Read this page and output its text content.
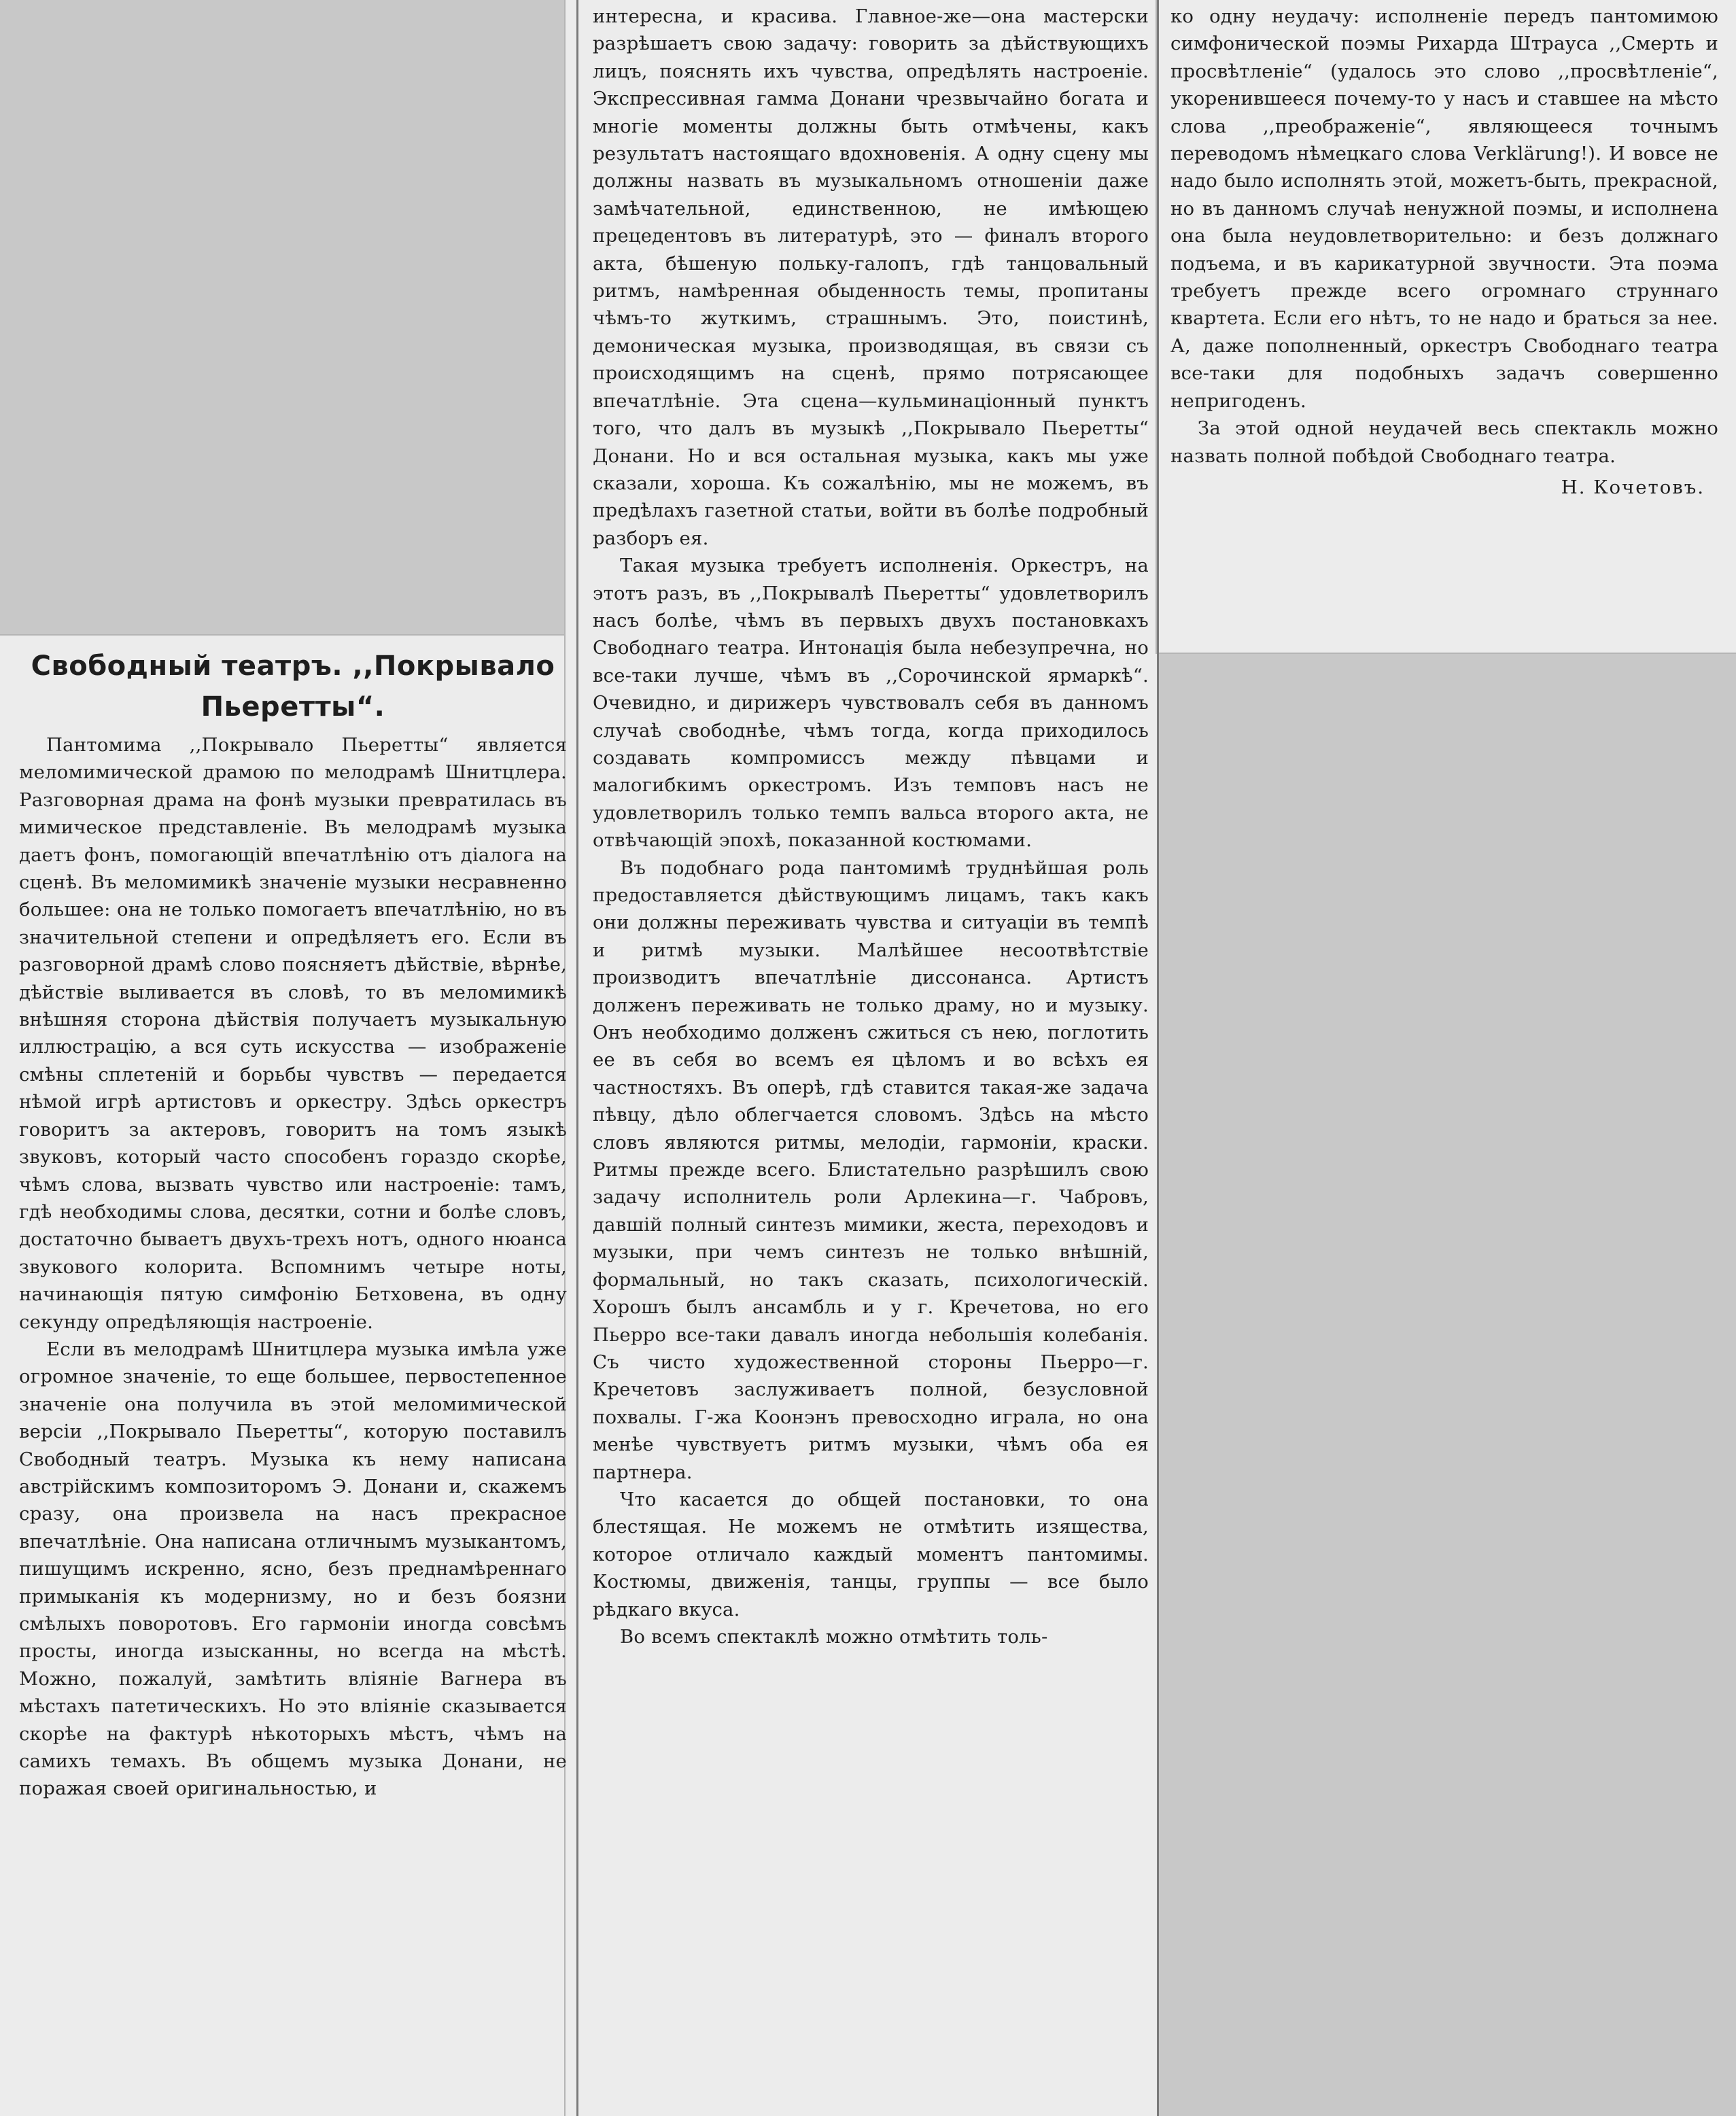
Свободный театръ. ,,Покрывало Пьеретты“.

Пантомима ,,Покрывало Пьеретты“ является меломимической драмою по мелодрамѣ Шнитцлера. Разговорная драма на фонѣ музыки превратилась въ мимическое представленіе. Въ мелодрамѣ музыка даетъ фонъ, помогающій впечатлѣнію отъ діалога на сценѣ. Въ меломимикѣ значеніе музыки несравненно большее: она не только помогаетъ впечатлѣнію, но въ значительной степени и опредѣляетъ его. Если въ разговорной драмѣ слово поясняетъ дѣйствіе, вѣрнѣе, дѣйствіе выливается въ словѣ, то въ меломимикѣ внѣшняя сторона дѣйствія получаетъ музыкальную иллюстрацію, а вся суть искусства — изображеніе смѣны сплетеній и борьбы чувствъ — передается нѣмой игрѣ артистовъ и оркестру. Здѣсь оркестръ говоритъ за актеровъ, говоритъ на томъ языкѣ звуковъ, который часто способенъ гораздо скорѣе, чѣмъ слова, вызвать чувство или настроеніе: тамъ, гдѣ необходимы слова, десятки, сотни и болѣе словъ, достаточно бываетъ двухъ-трехъ нотъ, одного нюанса звукового колорита. Вспомнимъ четыре ноты, начинающія пятую симфонію Бетховена, въ одну секунду опредѣляющія настроеніе.

Если въ мелодрамѣ Шнитцлера музыка имѣла уже огромное значеніе, то еще большее, первостепенное значеніе она получила въ этой меломимической версіи ,,Покрывало Пьеретты“, которую поставилъ Свободный театръ. Музыка къ нему написана австрійскимъ композиторомъ Э. Донани и, скажемъ сразу, она произвела на насъ прекрасное впечатлѣніе. Она написана отличнымъ музыкантомъ, пишущимъ искренно, ясно, безъ преднамѣреннаго примыканія къ модернизму, но и безъ боязни смѣлыхъ поворотовъ. Его гармоніи иногда совсѣмъ просты, иногда изысканны, но всегда на мѣстѣ. Можно, пожалуй, замѣтить вліяніе Вагнера въ мѣстахъ патетическихъ. Но это вліяніе сказывается скорѣе на фактурѣ нѣкоторыхъ мѣстъ, чѣмъ на самихъ темахъ. Въ общемъ музыка Донани, не поражая своей оригинальностью, и

интересна, и красива. Главное-же—она мастерски разрѣшаетъ свою задачу: говорить за дѣйствующихъ лицъ, пояснять ихъ чувства, опредѣлять настроеніе. Экспрессивная гамма Донани чрезвычайно богата и многіе моменты должны быть отмѣчены, какъ результатъ настоящаго вдохновенія. А одну сцену мы должны назвать въ музыкальномъ отношеніи даже замѣчательной, единственною, не имѣющею прецедентовъ въ литературѣ, это — финалъ второго акта, бѣшеную польку-галопъ, гдѣ танцовальный ритмъ, намѣренная обыденность темы, пропитаны чѣмъ-то жуткимъ, страшнымъ. Это, поистинѣ, демоническая музыка, производящая, въ связи съ происходящимъ на сценѣ, прямо потрясающее впечатлѣніе. Эта сцена—кульминаціонный пунктъ того, что далъ въ музыкѣ ,,Покрывало Пьеретты“ Донани. Но и вся остальная музыка, какъ мы уже сказали, хороша. Къ сожалѣнію, мы не можемъ, въ предѣлахъ газетной статьи, войти въ болѣе подробный разборъ ея.

Такая музыка требуетъ исполненія. Оркестръ, на этотъ разъ, въ ,,Покрывалѣ Пьеретты“ удовлетворилъ насъ болѣе, чѣмъ въ первыхъ двухъ постановкахъ Свободнаго театра. Интонація была небезупречна, но все-таки лучше, чѣмъ въ ,,Сорочинской ярмаркѣ“. Очевидно, и дирижеръ чувствовалъ себя въ данномъ случаѣ свободнѣе, чѣмъ тогда, когда приходилось создавать компромиссъ между пѣвцами и малогибкимъ оркестромъ. Изъ темповъ насъ не удовлетворилъ только темпъ вальса второго акта, не отвѣчающій эпохѣ, показанной костюмами.

Въ подобнаго рода пантомимѣ труднѣйшая роль предоставляется дѣйствующимъ лицамъ, такъ какъ они должны переживать чувства и ситуаціи въ темпѣ и ритмѣ музыки. Малѣйшее несоотвѣтствіе производитъ впечатлѣніе диссонанса. Артистъ долженъ переживать не только драму, но и музыку. Онъ необходимо долженъ сжиться съ нею, поглотить ее въ себя во всемъ ея цѣломъ и во всѣхъ ея частностяхъ. Въ оперѣ, гдѣ ставится такая-же задача пѣвцу, дѣло облегчается словомъ. Здѣсь на мѣсто словъ являются ритмы, мелодіи, гармоніи, краски. Ритмы прежде всего. Блистательно разрѣшилъ свою задачу исполнитель роли Арлекина—г. Чабровъ, давшій полный синтезъ мимики, жеста, переходовъ и музыки, при чемъ синтезъ не только внѣшній, формальный, но такъ сказать, психологическій. Хорошъ былъ ансамбль и у г. Кречетова, но его Пьерро все-таки давалъ иногда небольшія колебанія. Съ чисто художественной стороны Пьерро—г. Кречетовъ заслуживаетъ полной, безусловной похвалы. Г-жа Коонэнъ превосходно играла, но она менѣе чувствуетъ ритмъ музыки, чѣмъ оба ея партнера.

Что касается до общей постановки, то она блестящая. Не можемъ не отмѣтить изящества, которое отличало каждый моментъ пантомимы. Костюмы, движенія, танцы, группы — все было рѣдкаго вкуса.

Во всемъ спектаклѣ можно отмѣтить толь-

ко одну неудачу: исполненіе передъ пантомимою симфонической поэмы Рихарда Штрауса ,,Смерть и просвѣтленіе“ (удалось это слово ,,просвѣтленіе“, укоренившееся почему-то у насъ и ставшее на мѣсто слова ,,преображеніе“, являющееся точнымъ переводомъ нѣмецкаго слова Verklärung!). И вовсе не надо было исполнять этой, можетъ-быть, прекрасной, но въ данномъ случаѣ ненужной поэмы, и исполнена она была неудовлетворительно: и безъ должнаго подъема, и въ карикатурной звучности. Эта поэма требуетъ прежде всего огромнаго струннаго квартета. Если его нѣтъ, то не надо и браться за нее. А, даже пополненный, оркестръ Свободнаго театра все-таки для подобныхъ задачъ совершенно непригоденъ.

За этой одной неудачей весь спектакль можно назвать полной побѣдой Свободнаго театра.

Н. Кочетовъ.
